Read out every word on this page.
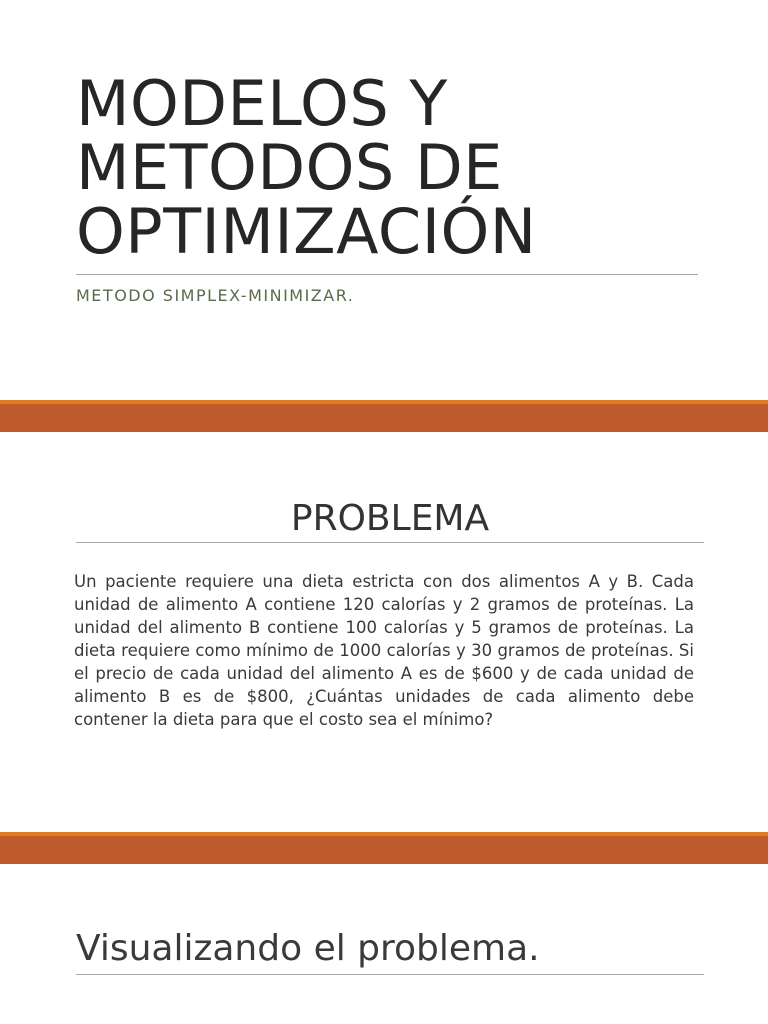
MODELOS Y METODOS DE OPTIMIZACIÓN
METODO SIMPLEX-MINIMIZAR.
PROBLEMA

Un paciente requiere una dieta estricta con dos alimentos A y B. Cada unidad de alimento A contiene 120 calorías y 2 gramos de proteínas. La unidad del alimento B contiene 100 calorías y 5 gramos de proteínas. La dieta requiere como mínimo de 1000 calorías y 30 gramos de proteínas. Si el precio de cada unidad del alimento A es de $600 y de cada unidad de alimento B es de $800, ¿Cuántas unidades de cada alimento debe contener la dieta para que el costo sea el mínimo?

Visualizando el problema.
